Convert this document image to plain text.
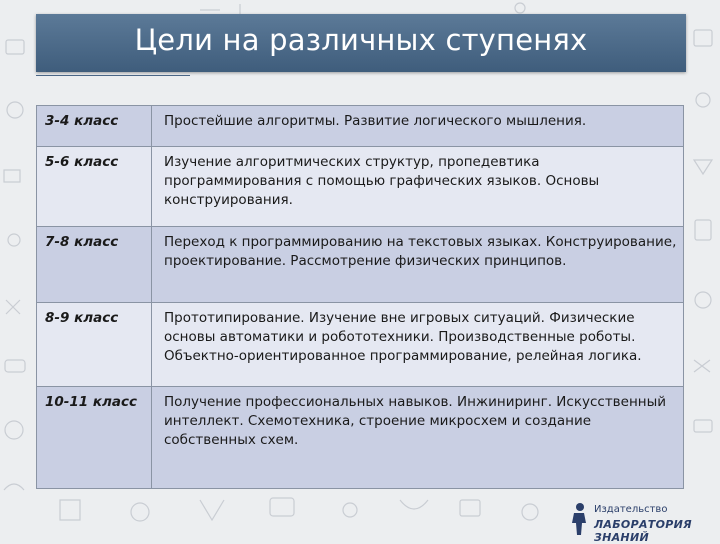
Цели на различных ступенях
3-4 класс	Простейшие алгоритмы. Развитие логического мышления.
5-6 класс	Изучение алгоритмических структур, пропедевтика программирования с помощью графических языков. Основы конструирования.
7-8 класс	Переход к программированию на текстовых языках. Конструирование, проектирование. Рассмотрение физических принципов.
8-9 класс	Прототипирование. Изучение вне игровых ситуаций. Физические основы автоматики и робототехники. Производственные роботы. Объектно-ориентированное программирование, релейная логика.
10-11 класс	Получение профессиональных навыков. Инжиниринг. Искусственный интеллект. Схемотехника, строение микросхем и создание собственных схем.
Издательство
ЛАБОРАТОРИЯ ЗНАНИЙ
